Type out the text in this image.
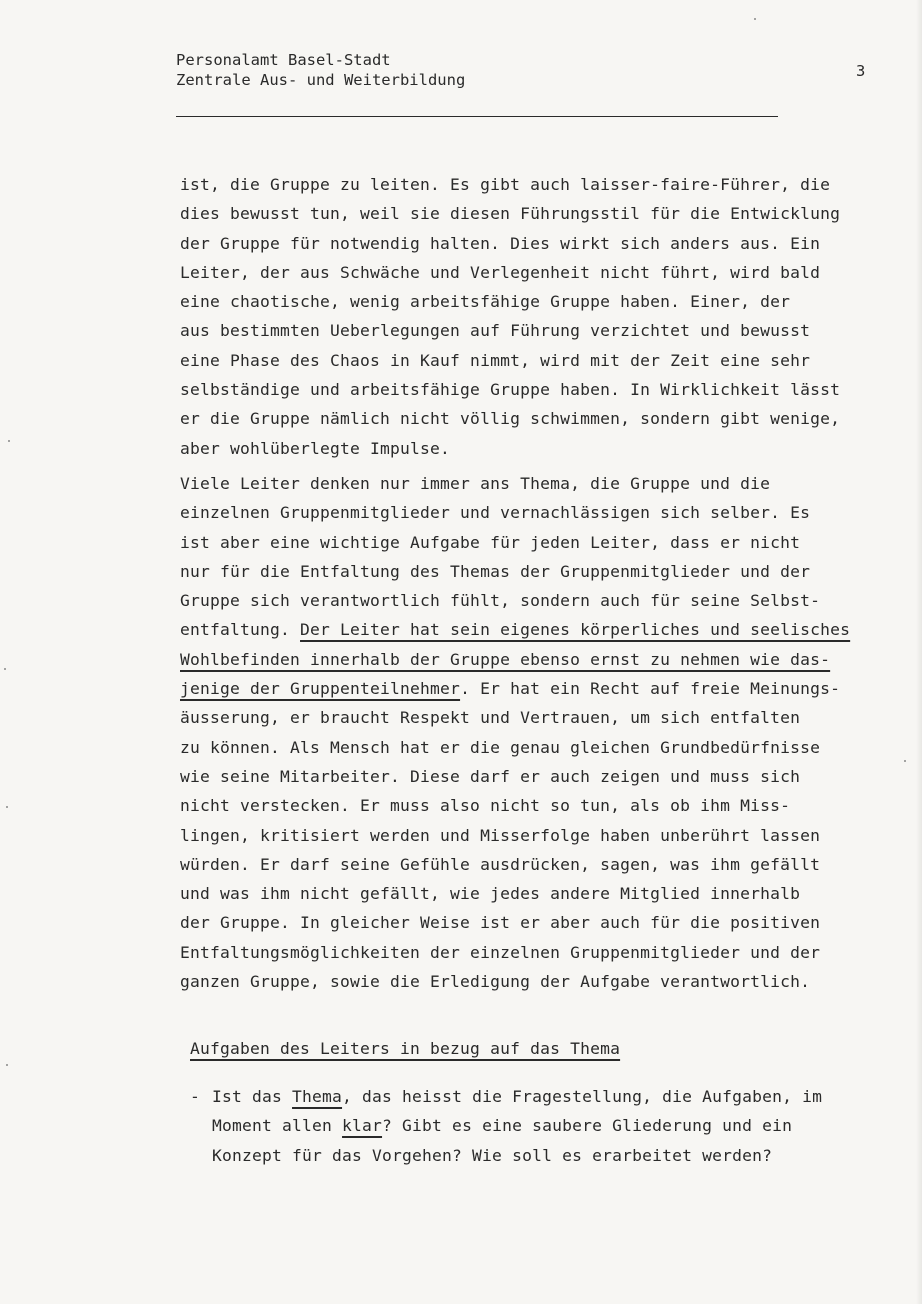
Personalamt Basel-Stadt
Zentrale Aus- und Weiterbildung	3
ist, die Gruppe zu leiten. Es gibt auch laisser-faire-Führer, die
dies bewusst tun, weil sie diesen Führungsstil für die Entwicklung
der Gruppe für notwendig halten. Dies wirkt sich anders aus. Ein
Leiter, der aus Schwäche und Verlegenheit nicht führt, wird bald
eine chaotische, wenig arbeitsfähige Gruppe haben. Einer, der
aus bestimmten Ueberlegungen auf Führung verzichtet und bewusst
eine Phase des Chaos in Kauf nimmt, wird mit der Zeit eine sehr
selbständige und arbeitsfähige Gruppe haben. In Wirklichkeit lässt
er die Gruppe nämlich nicht völlig schwimmen, sondern gibt wenige,
aber wohlüberlegte Impulse.
Viele Leiter denken nur immer ans Thema, die Gruppe und die
einzelnen Gruppenmitglieder und vernachlässigen sich selber. Es
ist aber eine wichtige Aufgabe für jeden Leiter, dass er nicht
nur für die Entfaltung des Themas der Gruppenmitglieder und der
Gruppe sich verantwortlich fühlt, sondern auch für seine Selbst-
entfaltung. Der Leiter hat sein eigenes körperliches und seelisches
Wohlbefinden innerhalb der Gruppe ebenso ernst zu nehmen wie das-
jenige der Gruppenteilnehmer. Er hat ein Recht auf freie Meinungs-
äusserung, er braucht Respekt und Vertrauen, um sich entfalten
zu können. Als Mensch hat er die genau gleichen Grundbedürfnisse
wie seine Mitarbeiter. Diese darf er auch zeigen und muss sich
nicht verstecken. Er muss also nicht so tun, als ob ihm Miss-
lingen, kritisiert werden und Misserfolge haben unberührt lassen
würden. Er darf seine Gefühle ausdrücken, sagen, was ihm gefällt
und was ihm nicht gefällt, wie jedes andere Mitglied innerhalb
der Gruppe. In gleicher Weise ist er aber auch für die positiven
Entfaltungsmöglichkeiten der einzelnen Gruppenmitglieder und der
ganzen Gruppe, sowie die Erledigung der Aufgabe verantwortlich.
Aufgaben des Leiters in bezug auf das Thema
- Ist das Thema, das heisst die Fragestellung, die Aufgaben, im
Moment allen klar? Gibt es eine saubere Gliederung und ein
Konzept für das Vorgehen? Wie soll es erarbeitet werden?
